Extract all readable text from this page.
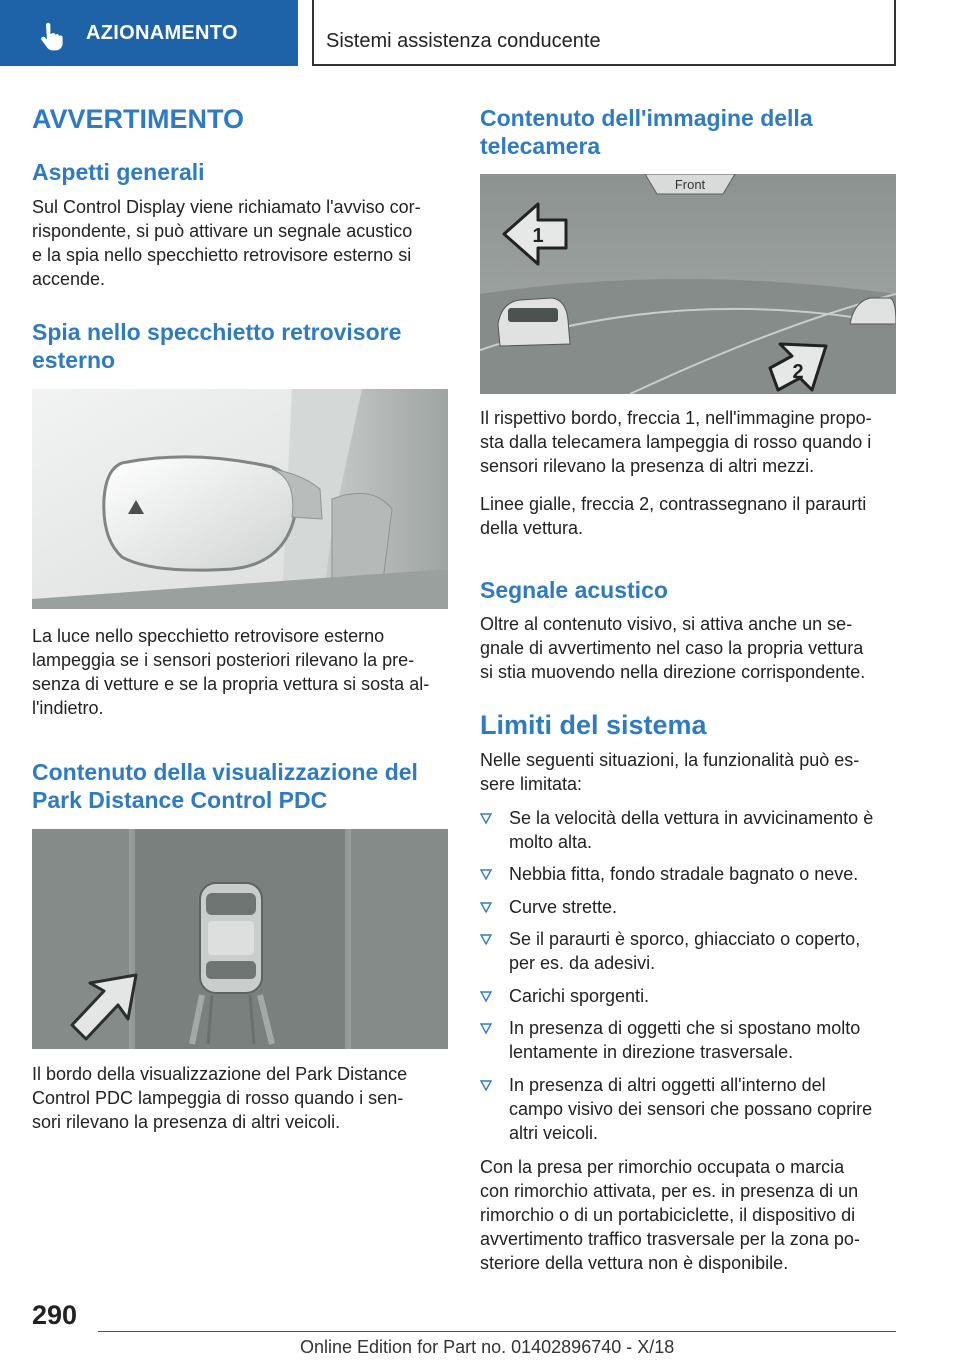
AZIONAMENTO	Sistemi assistenza conducente
AVVERTIMENTO
Aspetti generali
Sul Control Display viene richiamato l'avviso cor-
rispondente, si può attivare un segnale acustico
e la spia nello specchietto retrovisore esterno si
accende.
Spia nello specchietto retrovisore
esterno
La luce nello specchietto retrovisore esterno
lampeggia se i sensori posteriori rilevano la pre-
senza di vetture e se la propria vettura si sosta al-
l'indietro.
Contenuto della visualizzazione del
Park Distance Control PDC
Il bordo della visualizzazione del Park Distance
Control PDC lampeggia di rosso quando i sen-
sori rilevano la presenza di altri veicoli.
Contenuto dell'immagine della
telecamera
Front
1
2
Il rispettivo bordo, freccia 1, nell'immagine propo-
sta dalla telecamera lampeggia di rosso quando i
sensori rilevano la presenza di altri mezzi.
Linee gialle, freccia 2, contrassegnano il paraurti
della vettura.
Segnale acustico
Oltre al contenuto visivo, si attiva anche un se-
gnale di avvertimento nel caso la propria vettura
si stia muovendo nella direzione corrispondente.
Limiti del sistema
Nelle seguenti situazioni, la funzionalità può es-
sere limitata:
Se la velocità della vettura in avvicinamento è
molto alta.
Nebbia fitta, fondo stradale bagnato o neve.
Curve strette.
Se il paraurti è sporco, ghiacciato o coperto,
per es. da adesivi.
Carichi sporgenti.
In presenza di oggetti che si spostano molto
lentamente in direzione trasversale.
In presenza di altri oggetti all'interno del
campo visivo dei sensori che possano coprire
altri veicoli.
Con la presa per rimorchio occupata o marcia
con rimorchio attivata, per es. in presenza di un
rimorchio o di un portabiciclette, il dispositivo di
avvertimento traffico trasversale per la zona po-
steriore della vettura non è disponibile.
290
Online Edition for Part no. 01402896740 - X/18
